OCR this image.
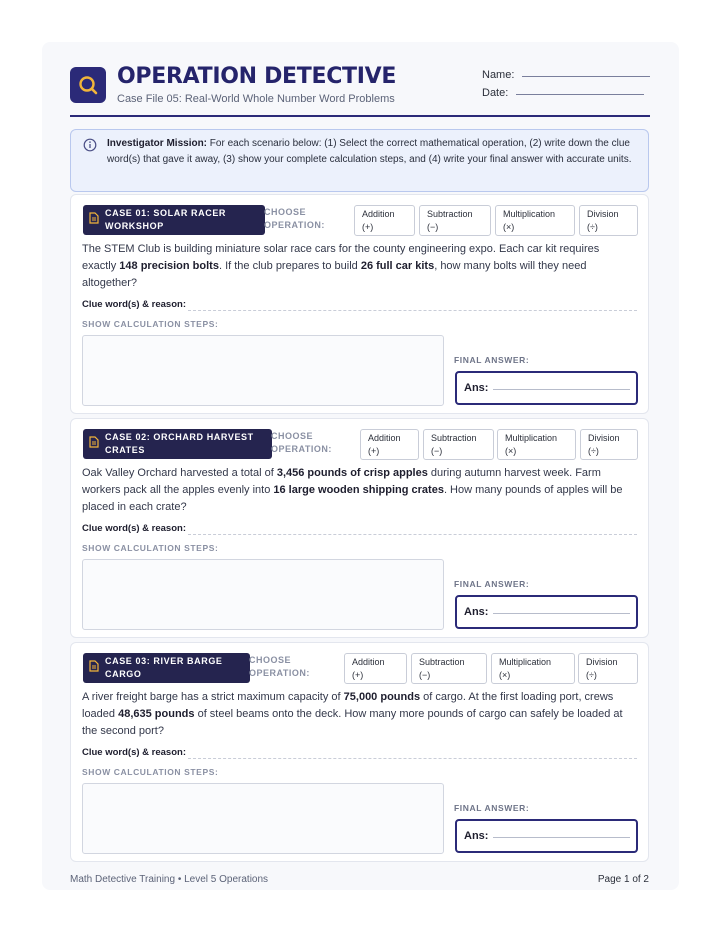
OPERATION DETECTIVE
Case File 05: Real-World Whole Number Word Problems
Name:
Date:
Investigator Mission: For each scenario below: (1) Select the correct mathematical operation, (2) write down the clue word(s) that gave it away, (3) show your complete calculation steps, and (4) write your final answer with accurate units.
CASE 01: SOLAR RACER WORKSHOP
CHOOSE OPERATION:
Addition
(+)
Subtraction
(−)
Multiplication
(×)
Division
(÷)
The STEM Club is building miniature solar race cars for the county engineering expo. Each car kit requires exactly 148 precision bolts. If the club prepares to build 26 full car kits, how many bolts will they need altogether?
Clue word(s) & reason:
SHOW CALCULATION STEPS:
FINAL ANSWER:
Ans:
CASE 02: ORCHARD HARVEST CRATES
CHOOSE OPERATION:
Addition
(+)
Subtraction
(−)
Multiplication
(×)
Division
(÷)
Oak Valley Orchard harvested a total of 3,456 pounds of crisp apples during autumn harvest week. Farm workers pack all the apples evenly into 16 large wooden shipping crates. How many pounds of apples will be placed in each crate?
Clue word(s) & reason:
SHOW CALCULATION STEPS:
FINAL ANSWER:
Ans:
CASE 03: RIVER BARGE CARGO
CHOOSE OPERATION:
Addition
(+)
Subtraction
(−)
Multiplication
(×)
Division
(÷)
A river freight barge has a strict maximum capacity of 75,000 pounds of cargo. At the first loading port, crews loaded 48,635 pounds of steel beams onto the deck. How many more pounds of cargo can safely be loaded at the second port?
Clue word(s) & reason:
SHOW CALCULATION STEPS:
FINAL ANSWER:
Ans:
Math Detective Training • Level 5 Operations	Page 1 of 2
